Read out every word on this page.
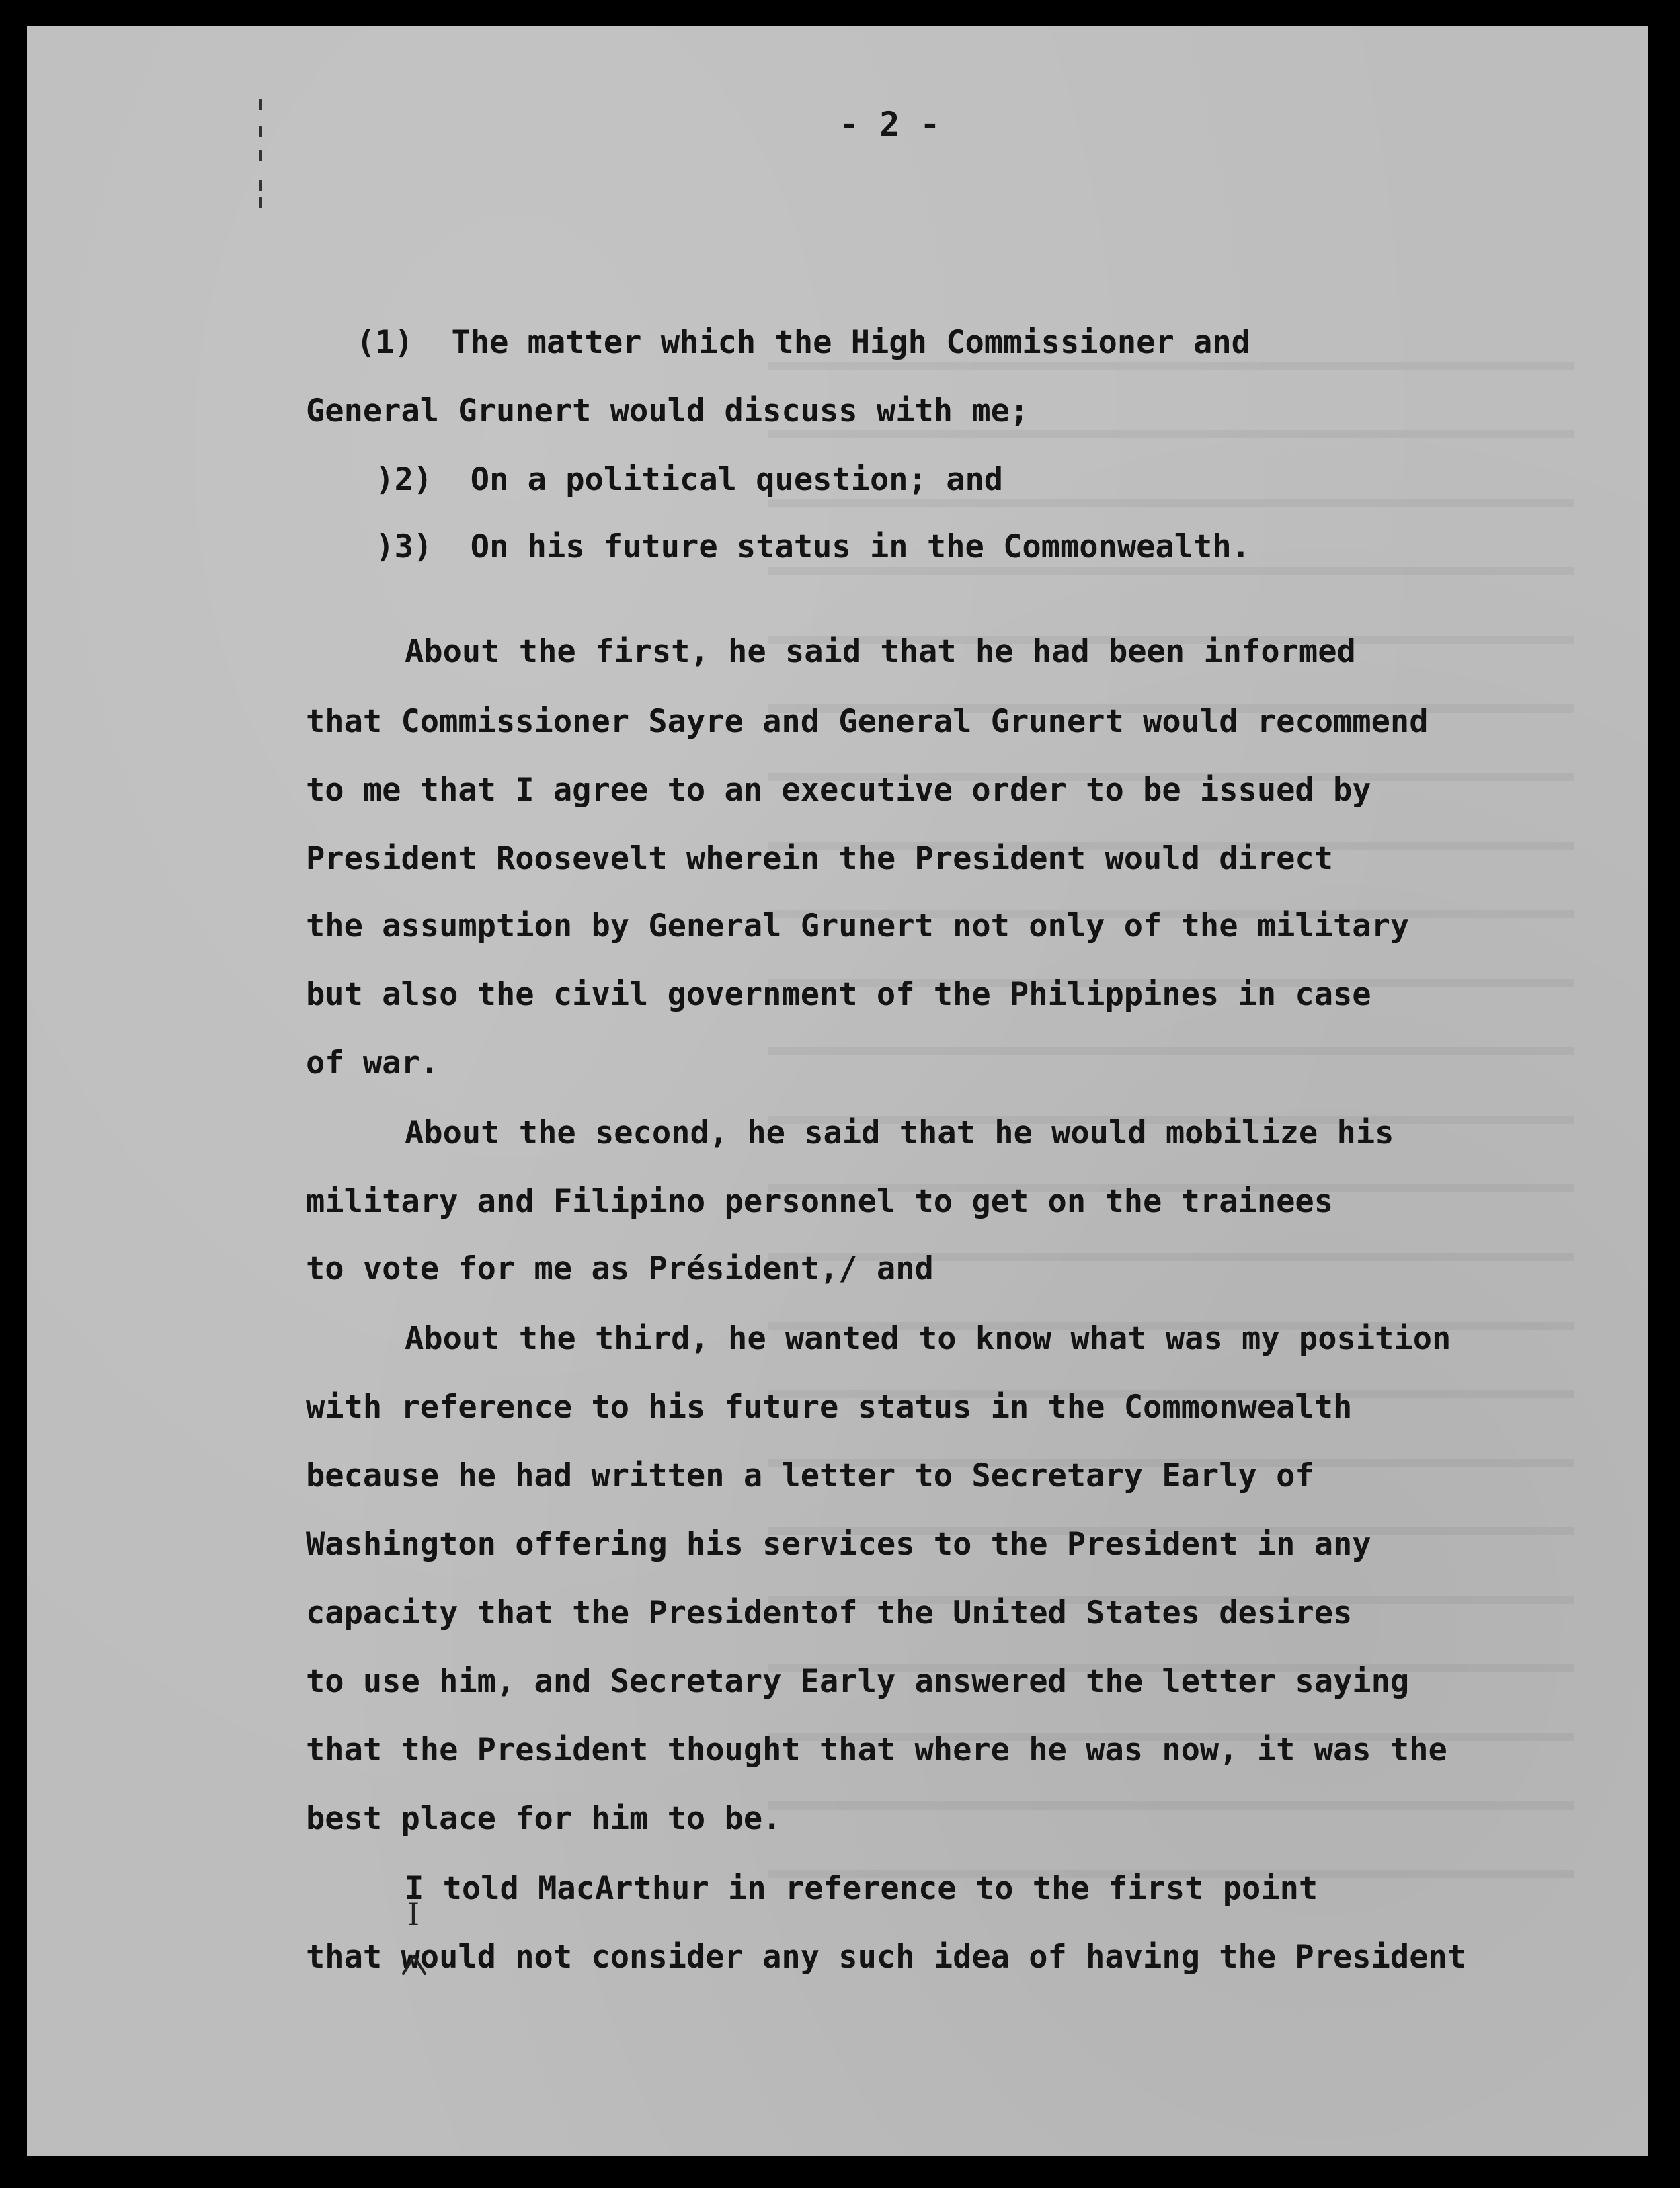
- 2 -
(1)  The matter which the High Commissioner and
General Grunert would discuss with me;
)2)  On a political question; and
)3)  On his future status in the Commonwealth.
About the first, he said that he had been informed
that Commissioner Sayre and General Grunert would recommend
to me that I agree to an executive order to be issued by
President Roosevelt wherein the President would direct
the assumption by General Grunert not only of the military
but also the civil government of the Philippines in case
of war.
About the second, he said that he would mobilize his
military and Filipino personnel to get on the trainees
to vote for me as Président,/ and
About the third, he wanted to know what was my position
with reference to his future status in the Commonwealth
because he had written a letter to Secretary Early of
Washington offering his services to the President in any
capacity that the Presidentof the United States desires
to use him, and Secretary Early answered the letter saying
that the President thought that where he was now, it was the
best place for him to be.
I told MacArthur in reference to the first point
that would not consider any such idea of having the President
I
